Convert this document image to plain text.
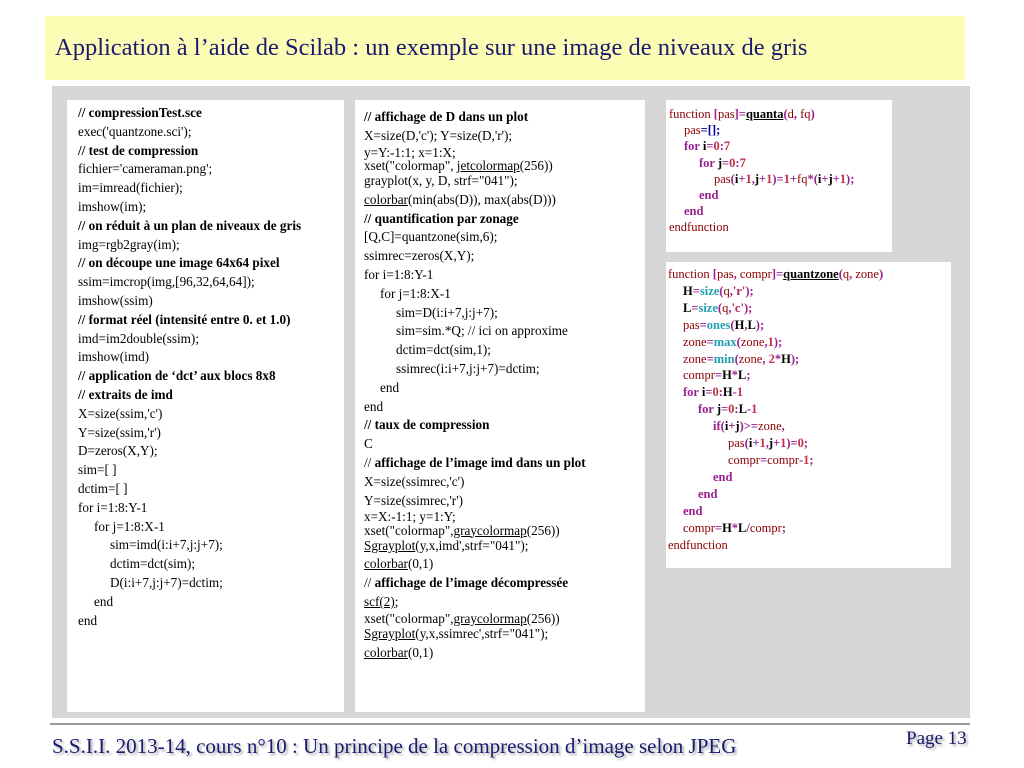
Application à l’aide de Scilab : un exemple sur une image de niveaux de gris
// compressionTest.sce
exec('quantzone.sci');
// test de compression
fichier='cameraman.png';
im=imread(fichier);
imshow(im);
// on réduit à un plan de niveaux de gris
img=rgb2gray(im);
// on découpe une image 64x64 pixel
ssim=imcrop(img,[96,32,64,64]);
imshow(ssim)
// format réel (intensité entre 0. et 1.0)
imd=im2double(ssim);
imshow(imd)
// application de ‘dct’ aux blocs 8x8
// extraits de imd
X=size(ssim,'c')
Y=size(ssim,'r')
D=zeros(X,Y);
sim=[ ]
dctim=[ ]
for i=1:8:Y-1
for j=1:8:X-1
sim=imd(i:i+7,j:j+7);
dctim=dct(sim);
D(i:i+7,j:j+7)=dctim;
end
end
// affichage de D dans un plot
X=size(D,'c'); Y=size(D,'r');
y=Y:-1:1; x=1:X;
xset("colormap", jetcolormap(256))
grayplot(x, y, D, strf="041");
colorbar(min(abs(D)), max(abs(D)))
// quantification par zonage
[Q,C]=quantzone(sim,6);
ssimrec=zeros(X,Y);
for i=1:8:Y-1
for j=1:8:X-1
sim=D(i:i+7,j:j+7);
sim=sim.*Q; // ici on approxime
dctim=dct(sim,1);
ssimrec(i:i+7,j:j+7)=dctim;
end
end
// taux de compression
C
// affichage de l’image imd dans un plot
X=size(ssimrec,'c')
Y=size(ssimrec,'r')
x=X:-1:1; y=1:Y;
xset("colormap",graycolormap(256))
Sgrayplot(y,x,imd',strf="041");
colorbar(0,1)
// affichage de l’image décompressée
scf(2);
xset("colormap",graycolormap(256))
Sgrayplot(y,x,ssimrec',strf="041");
colorbar(0,1)
function [pas]=quanta(d, fq)
pas=[];
for i=0:7
for j=0:7
pas(i+1,j+1)=1+fq*(i+j+1);
end
end
endfunction
function [pas, compr]=quantzone(q, zone)
H=size(q,'r');
L=size(q,'c');
pas=ones(H,L);
zone=max(zone,1);
zone=min(zone, 2*H);
compr=H*L;
for i=0:H-1
for j=0:L-1
if(i+j)>=zone,
pas(i+1,j+1)=0;
compr=compr-1;
end
end
end
compr=H*L/compr;
endfunction
S.S.I.I. 2013-14, cours n°10 : Un principe de la compression d’image selon JPEG	Page 13
